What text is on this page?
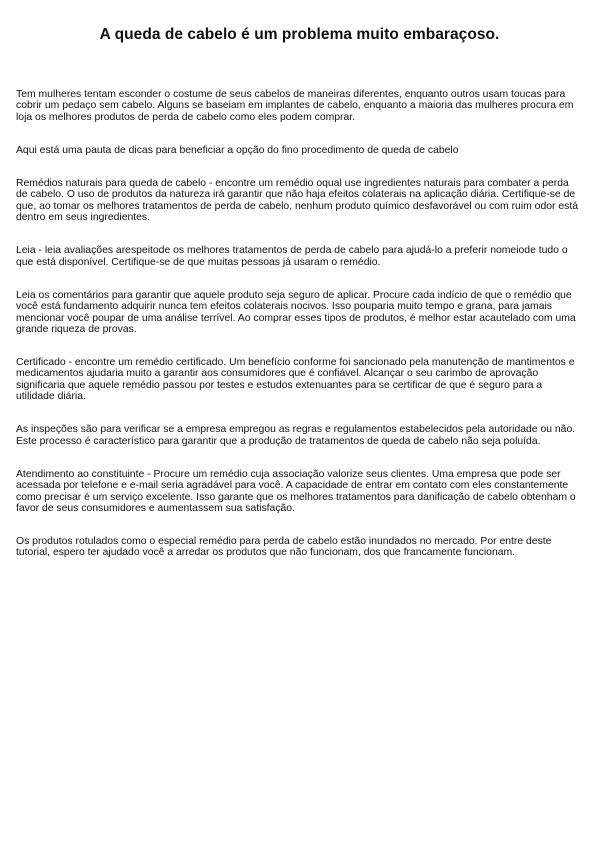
A queda de cabelo é um problema muito embaraçoso.

Tem mulheres tentam esconder o costume de seus cabelos de maneiras diferentes, enquanto outros usam toucas para cobrir um pedaço sem cabelo. Alguns se baseiam em implantes de cabelo, enquanto a maioria das mulheres procura em loja os melhores produtos de perda de cabelo como eles podem comprar.

Aqui está uma pauta de dicas para beneficiar a opção do fino procedimento de queda de cabelo

Remédios naturais para queda de cabelo - encontre um remédio oqual use ingredientes naturais para combater a perda de cabelo. O uso de produtos da natureza irá garantir que não haja efeitos colaterais na aplicação diária. Certifique-se de que, ao tomar os melhores tratamentos de perda de cabelo, nenhum produto químico desfavorável ou com ruim odor está dentro em seus ingredientes.

Leia - leia avaliações arespeitode os melhores tratamentos de perda de cabelo para ajudá-lo a preferir nomeiode tudo o que está disponível. Certifique-se de que muitas pessoas já usaram o remédio.

Leia os comentários para garantir que aquele produto seja seguro de aplicar. Procure cada indício de que o remédio que você está fundamento adquirir nunca tem efeitos colaterais nocivos. Isso pouparia muito tempo e grana, para jamais mencionar você poupar de uma análise terrível. Ao comprar esses tipos de produtos, é melhor estar acautelado com uma grande riqueza de provas.

Certificado - encontre um remédio certificado. Um benefício conforme foi sancionado pela manutenção de mantimentos e medicamentos ajudaria muito a garantir aos consumidores que é confiável. Alcançar o seu carimbo de aprovação significaria que aquele remédio passou por testes e estudos extenuantes para se certificar de que é seguro para a utilidade diária.

As inspeções são para verificar se a empresa empregou as regras e regulamentos estabelecidos pela autoridade ou não. Este processo é característico para garantir que a produção de tratamentos de queda de cabelo não seja poluída.

Atendimento ao constituinte - Procure um remédio cuja associação valorize seus clientes. Uma empresa que pode ser acessada por telefone e e-mail seria agradável para você. A capacidade de entrar em contato com eles constantemente como precisar é um serviço excelente. Isso garante que os melhores tratamentos para danificação de cabelo obtenham o favor de seus consumidores e aumentassem sua satisfação.

Os produtos rotulados como o especial remédio para perda de cabelo estão inundados no mercado. Por entre deste tutorial, espero ter ajudado você a arredar os produtos que não funcionam, dos que francamente funcionam.
